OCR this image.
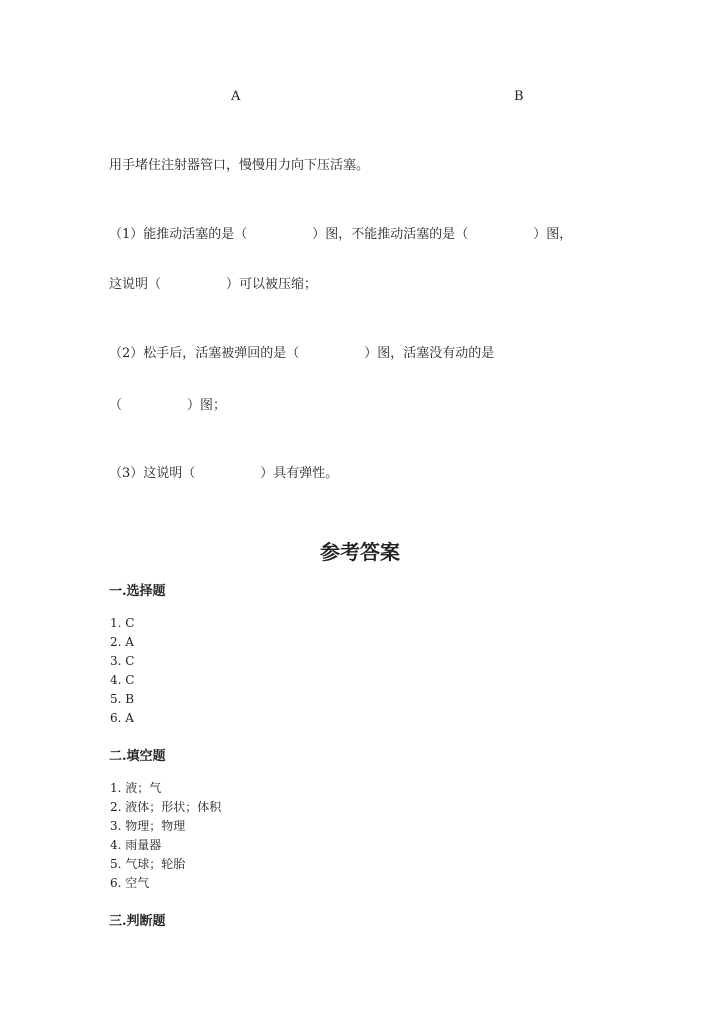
A	B
用手堵住注射器管口，慢慢用力向下压活塞。
（1）能推动活塞的是（　　　　　）图，不能推动活塞的是（　　　　　）图，
这说明（　　　　　）可以被压缩；
（2）松手后，活塞被弹回的是（　　　　　）图，活塞没有动的是
（　　　　　）图；
（3）这说明（　　　　　）具有弹性。
参考答案
一.选择题
1. C
2. A
3. C
4. C
5. B
6. A
二.填空题
1. 液；气
2. 液体；形状；体积
3. 物理；物理
4. 雨量器
5. 气球；轮胎
6. 空气
三.判断题
